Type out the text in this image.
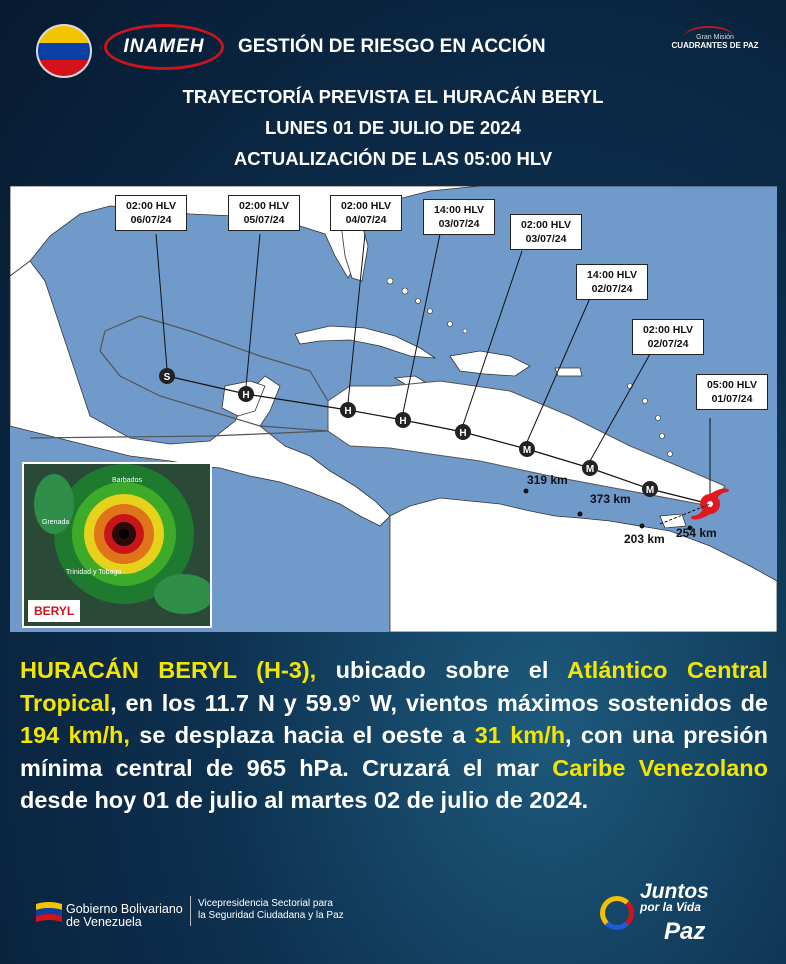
INAMEH GESTIÓN DE RIESGO EN ACCIÓN	Gran Misión
CUADRANTES DE PAZ
TRAYECTORÍA PREVISTA EL HURACÁN BERYL
LUNES 01 DE JULIO DE 2024
ACTUALIZACIÓN DE LAS 05:00 HLV
S
H
H
H
H
M
M
M
02:00 HLV
06/07/24
02:00 HLV
05/07/24
02:00 HLV
04/07/24
14:00 HLV
03/07/24	02:00 HLV
03/07/24
14:00 HLV
02/07/24
02:00 HLV
02/07/24
05:00 HLV
01/07/24
319 km
373 km
203 km 254 km
Barbados
Grenada
Trinidad y Tobago
BERYL
HURACÁN BERYL (H-3), ubicado sobre el Atlántico Central Tropical, en los 11.7 N y 59.9° W, vientos máximos sostenidos de 194 km/h, se desplaza hacia el oeste a 31 km/h, con una presión mínima central de 965 hPa. Cruzará el mar Caribe Venezolano desde hoy 01 de julio al martes 02 de julio de 2024.
Gobierno Bolivariano
de Venezuela
Vicepresidencia Sectorial para
la Seguridad Ciudadana y la Paz
Juntos
por la Vida
Paz
